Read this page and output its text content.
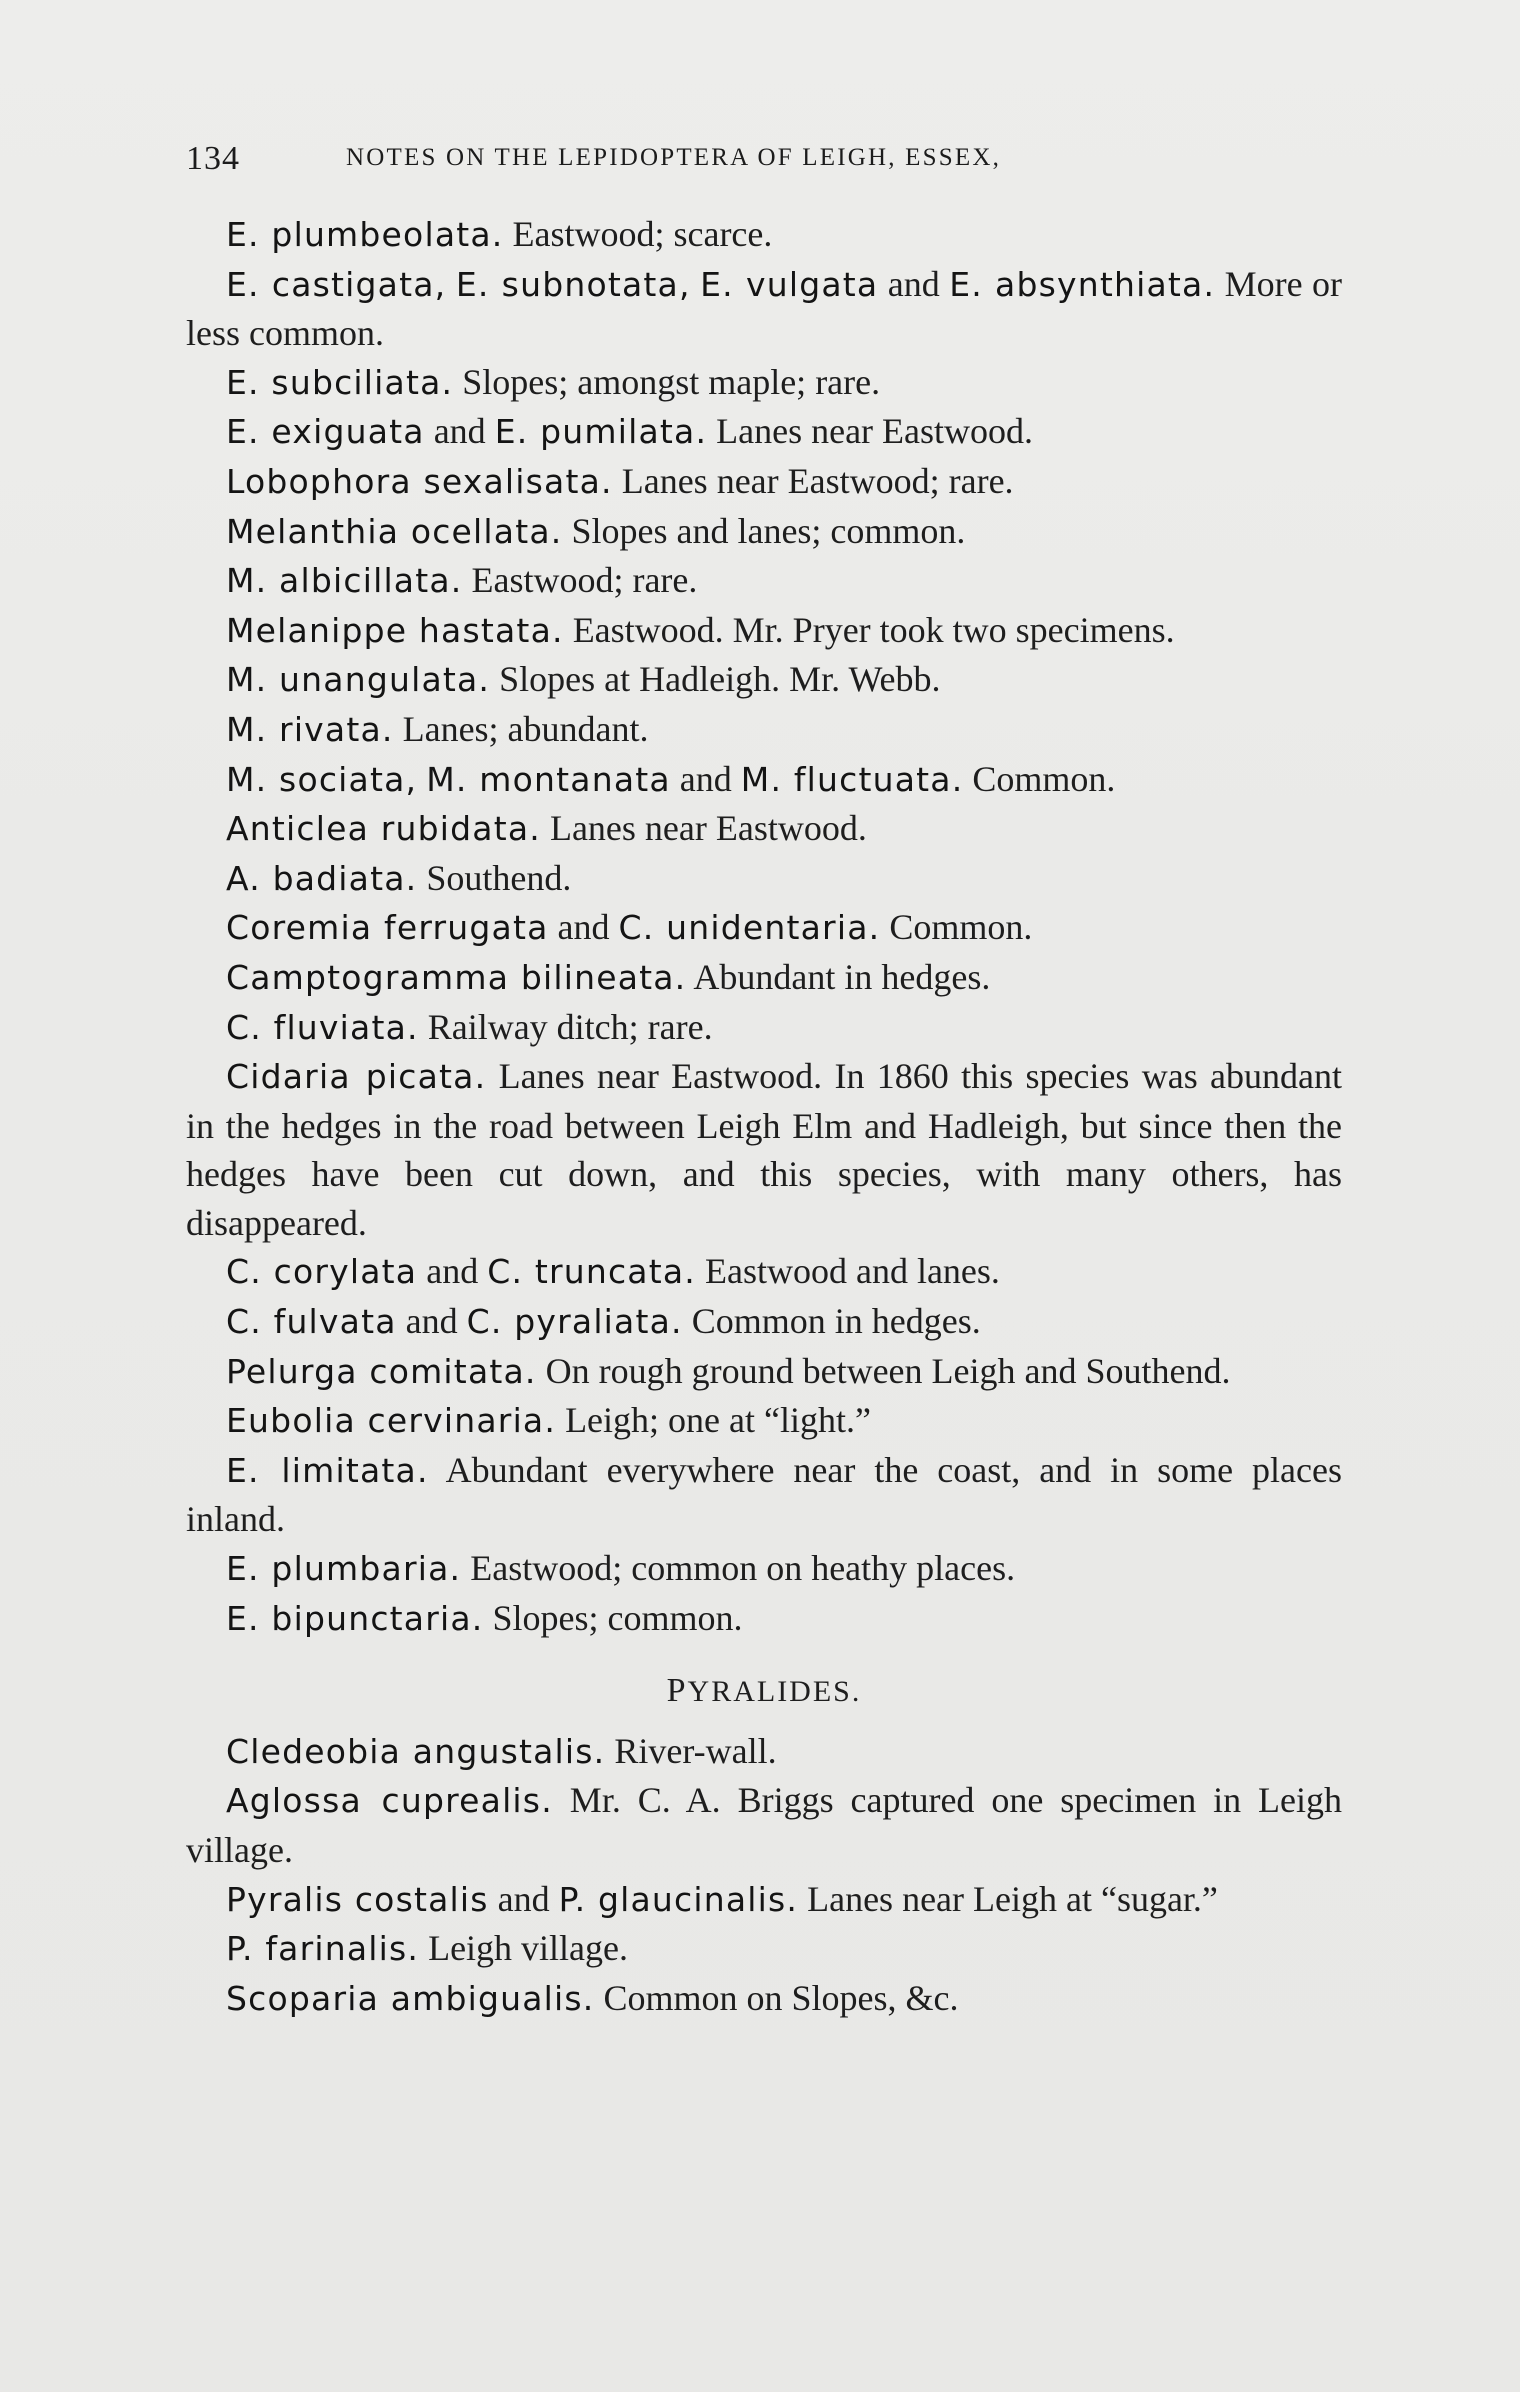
134	NOTES ON THE LEPIDOPTERA OF LEIGH, ESSEX,

E. plumbeolata. Eastwood; scarce.

E. castigata, E. subnotata, E. vulgata and E. absynthiata. More or less common.

E. subciliata. Slopes; amongst maple; rare.

E. exiguata and E. pumilata. Lanes near Eastwood.

Lobophora sexalisata. Lanes near Eastwood; rare.

Melanthia ocellata. Slopes and lanes; common.

M. albicillata. Eastwood; rare.

Melanippe hastata. Eastwood. Mr. Pryer took two specimens.

M. unangulata. Slopes at Hadleigh. Mr. Webb.

M. rivata. Lanes; abundant.

M. sociata, M. montanata and M. fluctuata. Common.

Anticlea rubidata. Lanes near Eastwood.

A. badiata. Southend.

Coremia ferrugata and C. unidentaria. Common.

Camptogramma bilineata. Abundant in hedges.

C. fluviata. Railway ditch; rare.

Cidaria picata. Lanes near Eastwood. In 1860 this species was abundant in the hedges in the road between Leigh Elm and Hadleigh, but since then the hedges have been cut down, and this species, with many others, has disappeared.

C. corylata and C. truncata. Eastwood and lanes.

C. fulvata and C. pyraliata. Common in hedges.

Pelurga comitata. On rough ground between Leigh and Southend.

Eubolia cervinaria. Leigh; one at “light.”

E. limitata. Abundant everywhere near the coast, and in some places inland.

E. plumbaria. Eastwood; common on heathy places.

E. bipunctaria. Slopes; common.

PYRALIDES.

Cledeobia angustalis. River-wall.

Aglossa cuprealis. Mr. C. A. Briggs captured one specimen in Leigh village.

Pyralis costalis and P. glaucinalis. Lanes near Leigh at “sugar.”

P. farinalis. Leigh village.

Scoparia ambigualis. Common on Slopes, &c.
